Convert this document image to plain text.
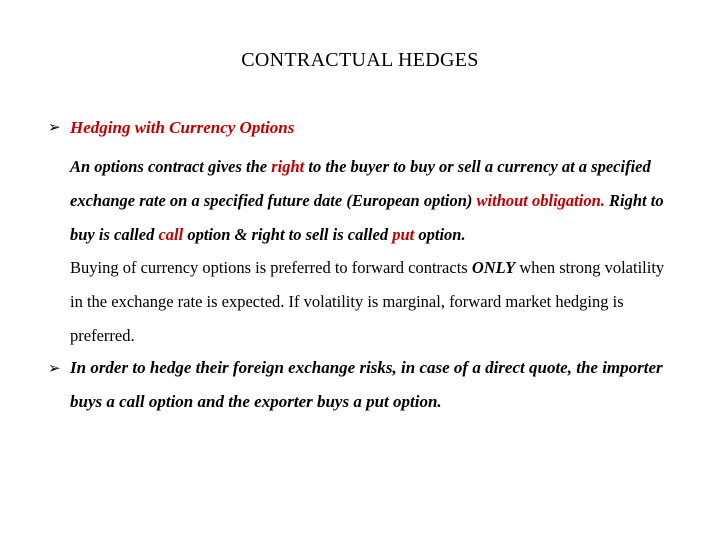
CONTRACTUAL HEDGES
➢ Hedging with Currency Options
An options contract gives the right to the buyer to buy or sell a currency at a specified exchange rate on a specified future date (European option) without obligation. Right to buy is called call option & right to sell is called put option.
Buying of currency options is preferred to forward contracts ONLY when strong volatility in the exchange rate is expected. If volatility is marginal, forward market hedging is preferred.
➢ In order to hedge their foreign exchange risks, in case of a direct quote, the importer buys a call option and the exporter buys a put option.
